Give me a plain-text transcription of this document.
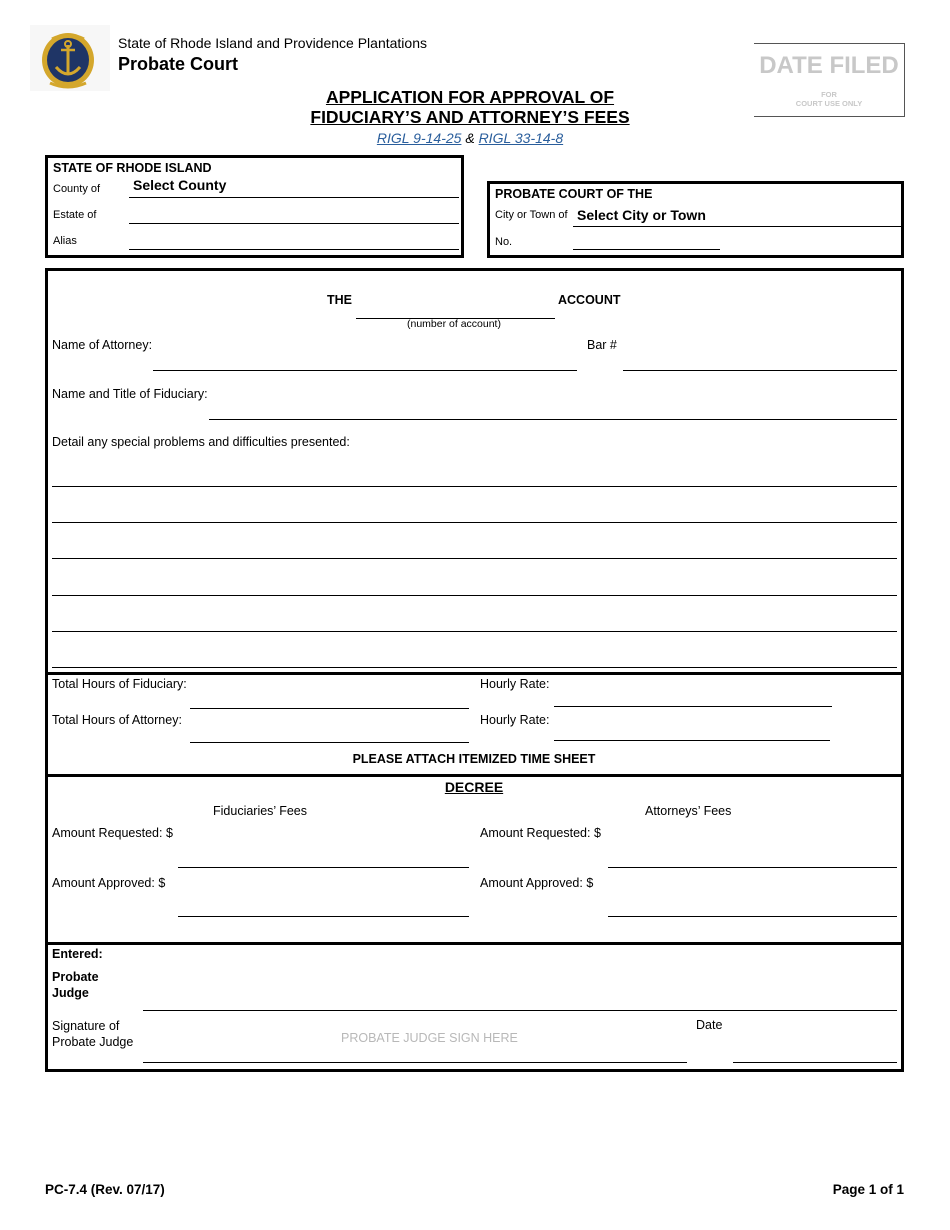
State of Rhode Island and Providence Plantations
Probate Court	DATE FILED
FOR
COURT USE ONLY
APPLICATION FOR APPROVAL OF
FIDUCIARY’S AND ATTORNEY’S FEES
RIGL 9-14-25 & RIGL 33-14-8
STATE OF RHODE ISLAND
County of Select County
Estate of
Alias
PROBATE COURT OF THE
City or Town of Select City or Town
No.
THE	ACCOUNT
(number of account)
Name of Attorney:	Bar #
Name and Title of Fiduciary:
Detail any special problems and difficulties presented:
Total Hours of Fiduciary:	Hourly Rate:
Total Hours of Attorney:	Hourly Rate:
PLEASE ATTACH ITEMIZED TIME SHEET
DECREE
Fiduciaries’ Fees	Attorneys’ Fees
Amount Requested: $	Amount Requested: $
Amount Approved: $	Amount Approved: $
Entered:
Probate
Judge
Signature of
Probate Judge	PROBATE JUDGE SIGN HERE
Date
PC-7.4 (Rev. 07/17)	Page 1 of 1
